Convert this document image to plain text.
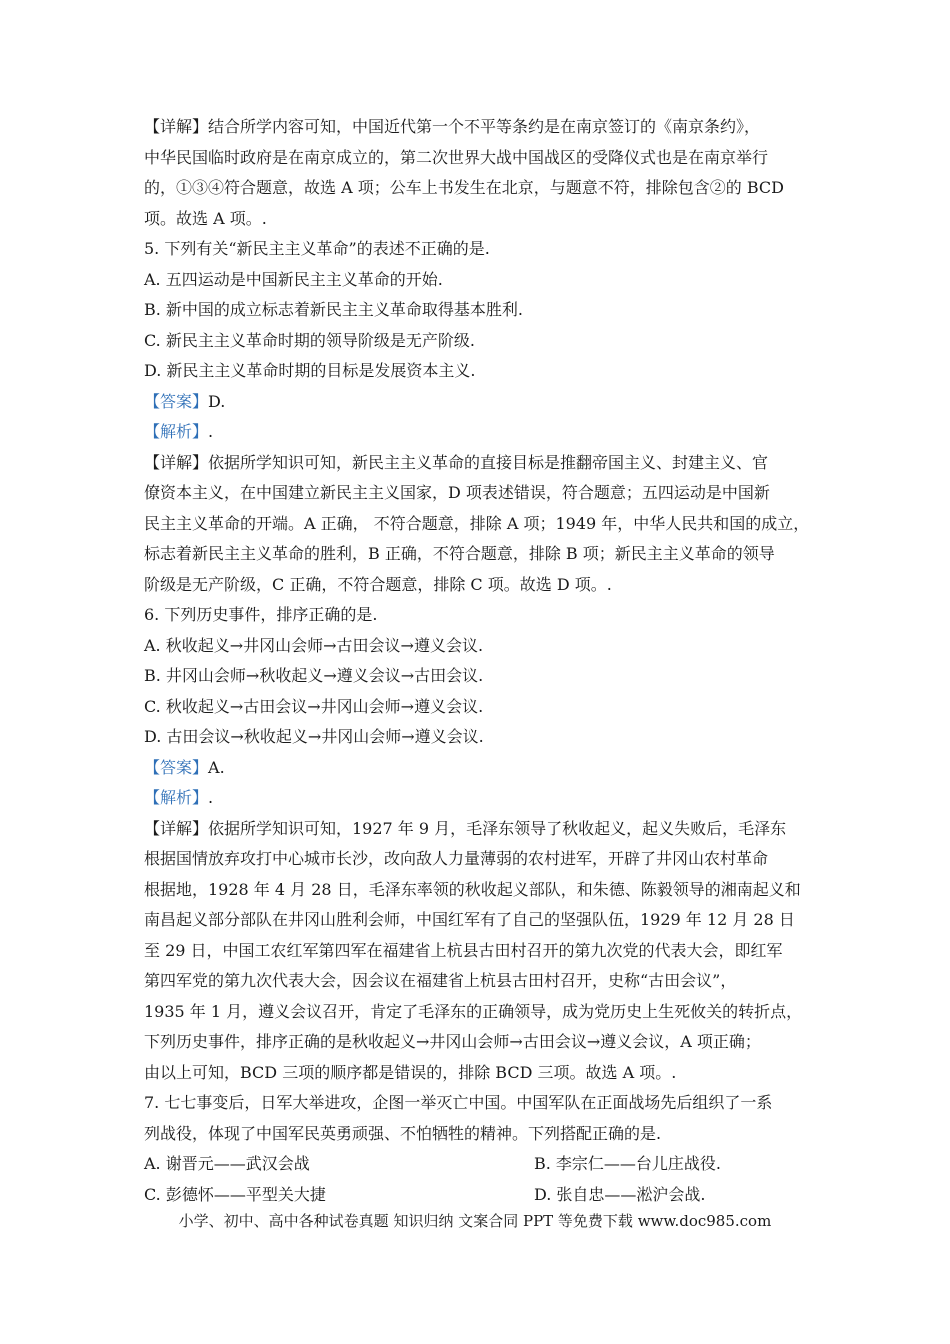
【详解】结合所学内容可知，中国近代第一个不平等条约是在南京签订的《南京条约》，
中华民国临时政府是在南京成立的，第二次世界大战中国战区的受降仪式也是在南京举行
的，①③④符合题意，故选 A 项；公车上书发生在北京，与题意不符，排除包含②的 BCD
项。故选 A 项。.
5. 下列有关“新民主主义革命”的表述不正确的是.
A. 五四运动是中国新民主主义革命的开始.
B. 新中国的成立标志着新民主主义革命取得基本胜利.
C. 新民主主义革命时期的领导阶级是无产阶级.
D. 新民主主义革命时期的目标是发展资本主义.
【答案】D.
【解析】.
【详解】依据所学知识可知，新民主主义革命的直接目标是推翻帝国主义、封建主义、官
僚资本主义，在中国建立新民主主义国家，D 项表述错误，符合题意；五四运动是中国新
民主主义革命的开端。A 正确， 不符合题意，排除 A 项；1949 年，中华人民共和国的成立，
标志着新民主主义革命的胜利，B 正确，不符合题意，排除 B 项；新民主主义革命的领导
阶级是无产阶级，C 正确，不符合题意，排除 C 项。故选 D 项。.
6. 下列历史事件，排序正确的是.
A. 秋收起义→井冈山会师→古田会议→遵义会议.
B. 井冈山会师→秋收起义→遵义会议→古田会议.
C. 秋收起义→古田会议→井冈山会师→遵义会议.
D. 古田会议→秋收起义→井冈山会师→遵义会议.
【答案】A.
【解析】.
【详解】依据所学知识可知，1927 年 9 月，毛泽东领导了秋收起义，起义失败后，毛泽东
根据国情放弃攻打中心城市长沙，改向敌人力量薄弱的农村进军，开辟了井冈山农村革命
根据地，1928 年 4 月 28 日，毛泽东率领的秋收起义部队，和朱德、陈毅领导的湘南起义和
南昌起义部分部队在井冈山胜利会师，中国红军有了自己的坚强队伍，1929 年 12 月 28 日
至 29 日，中国工农红军第四军在福建省上杭县古田村召开的第九次党的代表大会，即红军
第四军党的第九次代表大会，因会议在福建省上杭县古田村召开，史称“古田会议”，
1935 年 1 月，遵义会议召开，肯定了毛泽东的正确领导，成为党历史上生死攸关的转折点，
下列历史事件，排序正确的是秋收起义→井冈山会师→古田会议→遵义会议，A 项正确；
由以上可知，BCD 三项的顺序都是错误的，排除 BCD 三项。故选 A 项。.
7. 七七事变后，日军大举进攻，企图一举灭亡中国。中国军队在正面战场先后组织了一系
列战役，体现了中国军民英勇顽强、不怕牺牲的精神。下列搭配正确的是.
A. 谢晋元——武汉会战	B. 李宗仁——台儿庄战役.
C. 彭德怀——平型关大捷	D. 张自忠——淞沪会战.
小学、初中、高中各种试卷真题 知识归纳 文案合同 PPT 等免费下载 www.doc985.com
